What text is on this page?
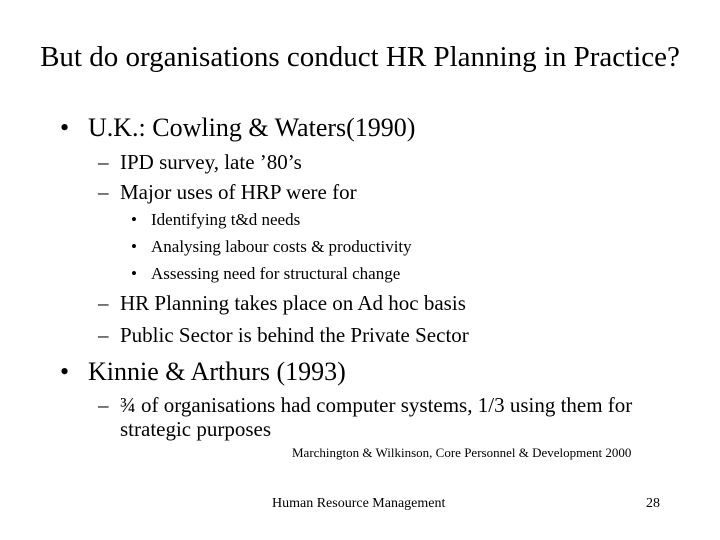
But do organisations conduct HR Planning in Practice?
• U.K.: Cowling & Waters(1990)
– IPD survey, late ’80’s
– Major uses of HRP were for
• Identifying t&d needs
• Analysing labour costs & productivity
• Assessing need for structural change
– HR Planning takes place on Ad hoc basis
– Public Sector is behind the Private Sector
• Kinnie & Arthurs (1993)
– ¾ of organisations had computer systems, 1/3 using them for strategic purposes
Marchington & Wilkinson, Core Personnel & Development 2000
Human Resource Management	28
